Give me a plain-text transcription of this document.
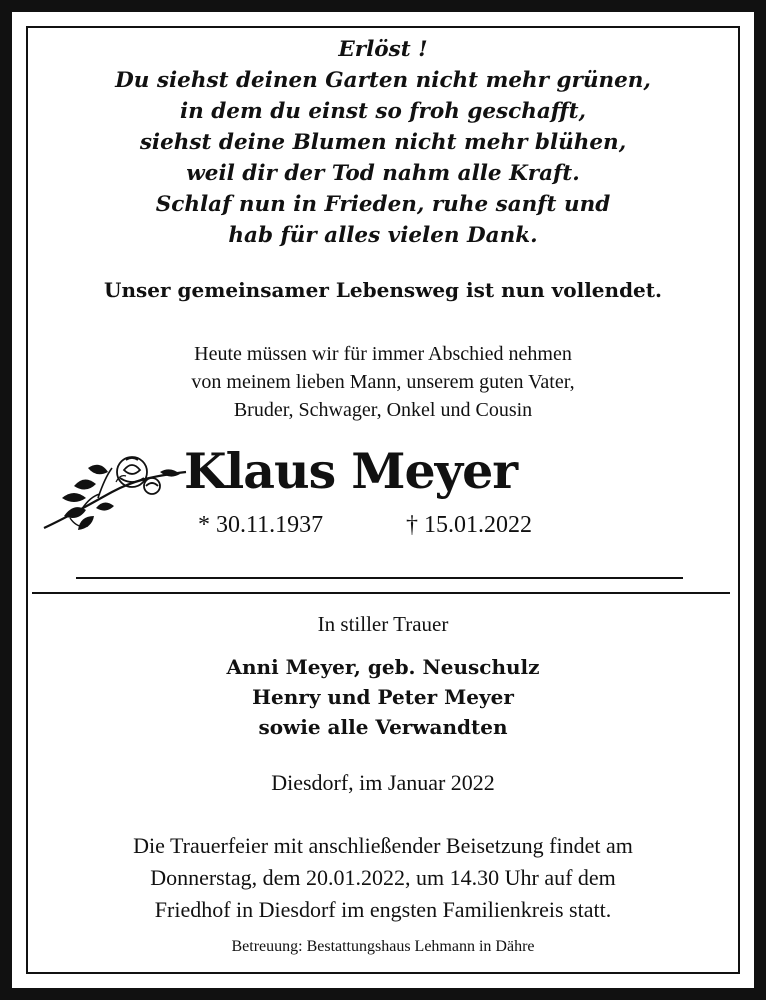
Erlöst !
Du siehst deinen Garten nicht mehr grünen,
in dem du einst so froh geschafft,
siehst deine Blumen nicht mehr blühen,
weil dir der Tod nahm alle Kraft.
Schlaf nun in Frieden, ruhe sanft und
hab für alles vielen Dank.
Unser gemeinsamer Lebensweg ist nun vollendet.
Heute müssen wir für immer Abschied nehmen
von meinem lieben Mann, unserem guten Vater,
Bruder, Schwager, Onkel und Cousin
Klaus Meyer
* 30.11.1937	† 15.01.2022
In stiller Trauer
Anni Meyer, geb. Neuschulz
Henry und Peter Meyer
sowie alle Verwandten
Diesdorf, im Januar 2022
Die Trauerfeier mit anschließender Beisetzung findet am
Donnerstag, dem 20.01.2022, um 14.30 Uhr auf dem
Friedhof in Diesdorf im engsten Familienkreis statt.
Betreuung: Bestattungshaus Lehmann in Dähre
